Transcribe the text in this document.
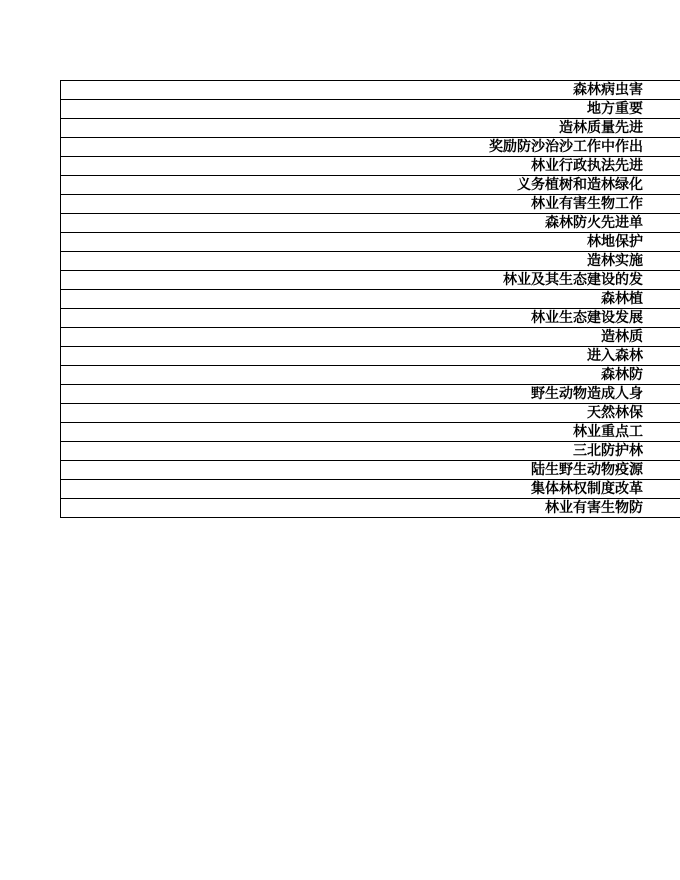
森林病虫害
地方重要
造林质量先进
奖励防沙治沙工作中作出
林业行政执法先进
义务植树和造林绿化
林业有害生物工作
森林防火先进单
林地保护
造林实施
林业及其生态建设的发
森林植
林业生态建设发展
造林质
进入森林
森林防
野生动物造成人身
天然林保
林业重点工
三北防护林
陆生野生动物疫源
集体林权制度改革
林业有害生物防
